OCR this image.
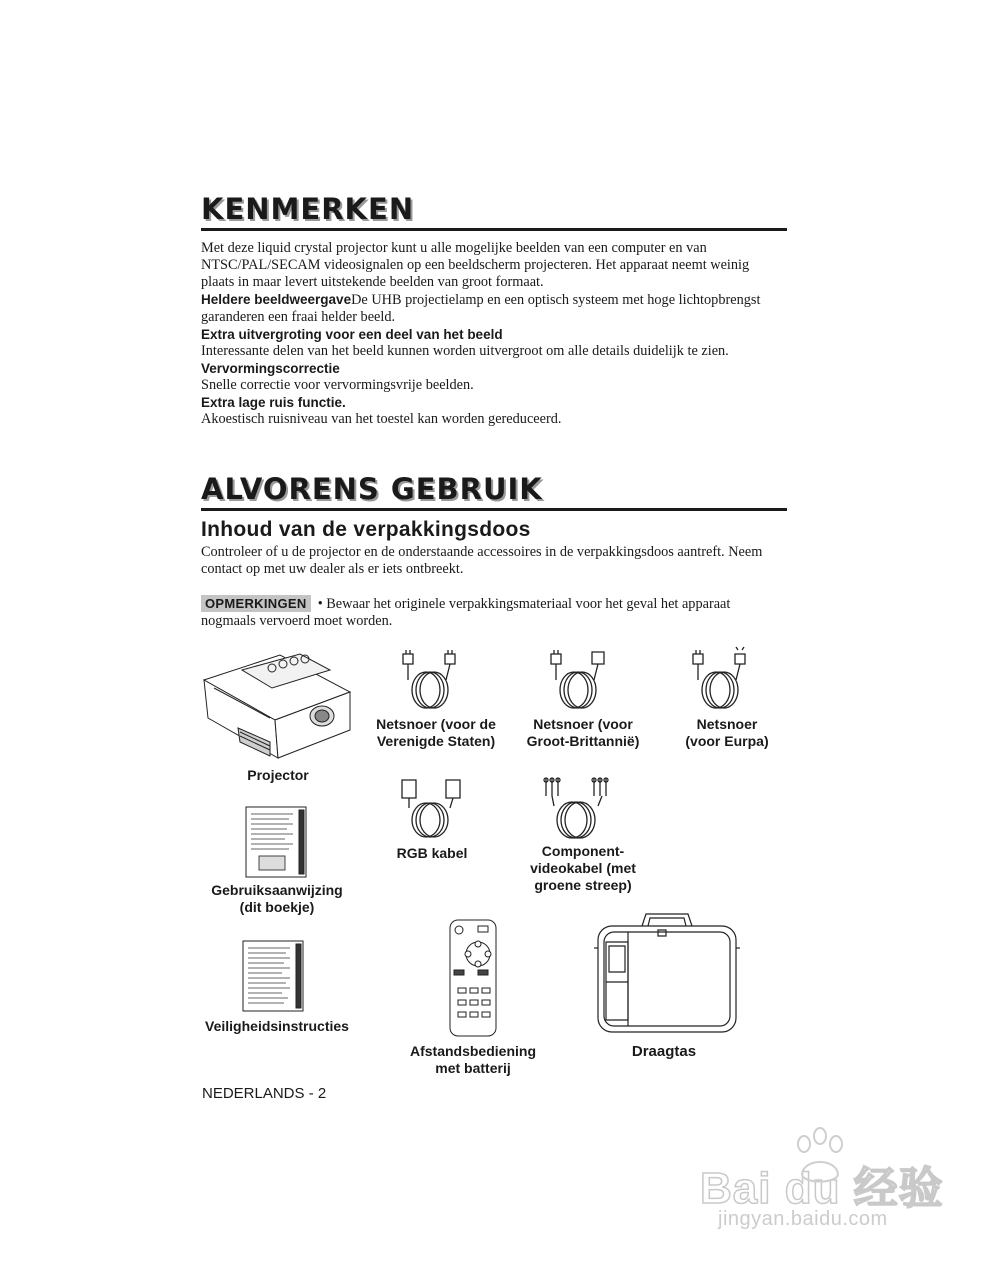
KENMERKEN
Met deze liquid crystal projector kunt u alle mogelijke beelden van een computer en van
NTSC/PAL/SECAM videosignalen op een beeldscherm projecteren. Het apparaat neemt weinig
plaats in maar levert uitstekende beelden van groot formaat.
Heldere beeldweergaveDe UHB projectielamp en een optisch systeem met hoge lichtopbrengst
garanderen een fraai helder beeld.
Extra uitvergroting voor een deel van het beeld
Interessante delen van het beeld kunnen worden uitvergroot om alle details duidelijk te zien.
Vervormingscorrectie
Snelle correctie voor vervormingsvrije beelden.
Extra lage ruis functie.
Akoestisch ruisniveau van het toestel kan worden gereduceerd.
ALVORENS GEBRUIK
Inhoud van de verpakkingsdoos
Controleer of u de projector en de onderstaande accessoires in de verpakkingsdoos aantreft. Neem
contact op met uw dealer als er iets ontbreekt.
OPMERKINGEN • Bewaar het originele verpakkingsmateriaal voor het geval het apparaat
nogmaals vervoerd moet worden.
Projector
Netsnoer (voor de
Verenigde Staten)
Netsnoer (voor
Groot-Brittannië)
Netsnoer
(voor Eurpa)
RGB kabel	Component-
videokabel (met
groene streep)
Gebruiksaanwijzing
(dit boekje)
Veiligheidsinstructies
Afstandsbediening
met batterij
Draagtas
NEDERLANDS - 2
Bai du 经验
jingyan.baidu.com
